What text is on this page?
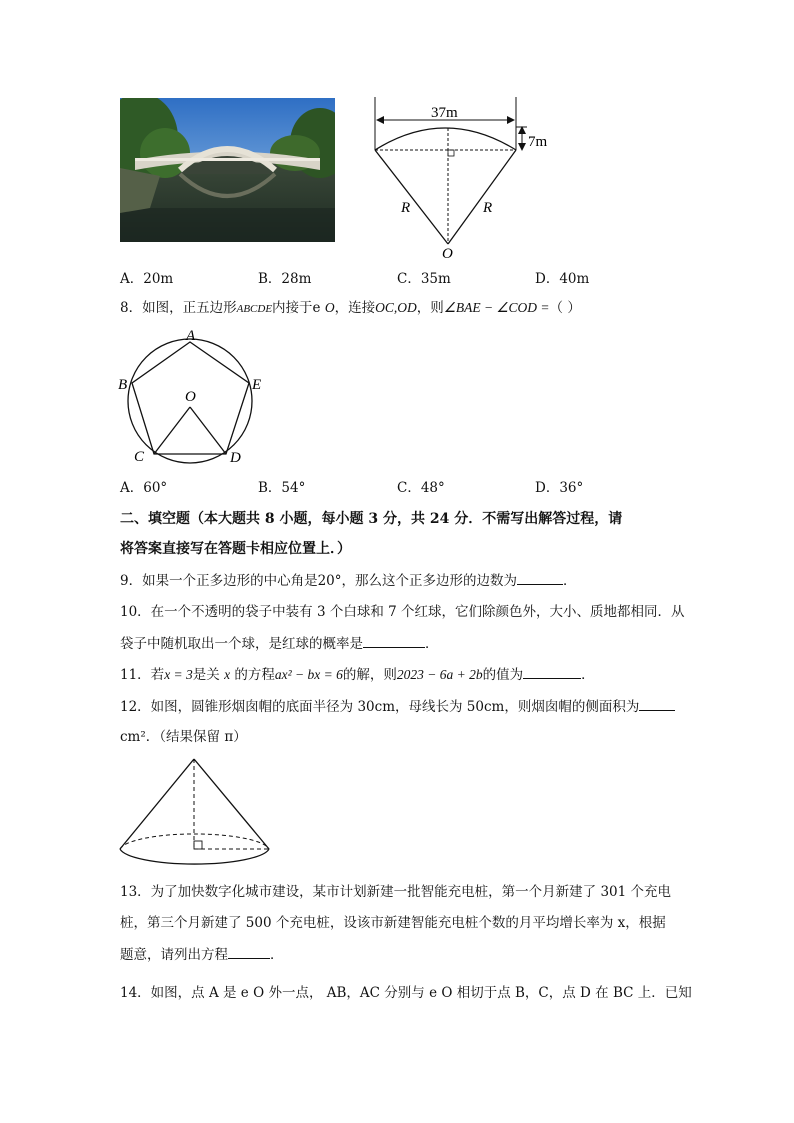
37m
7m
R	R
O
A．20m	B．28m	C．35m	D．40m
8．如图，正五边形ABCDE内接于e O，连接OC,OD，则∠BAE − ∠COD =（ ）
A
B	E
O
C	D
A．60°	B．54°	C．48°	D．36°
二、填空题（本大题共 8 小题，每小题 3 分，共 24 分．不需写出解答过程，请
将答案直接写在答题卡相应位置上．）
9．如果一个正多边形的中心角是20°，那么这个正多边形的边数为	．
10．在一个不透明的袋子中装有 3 个白球和 7 个红球，它们除颜色外，大小、质地都相同．从
袋子中随机取出一个球，是红球的概率是	．
11．若x = 3是关 x 的方程ax² − bx = 6的解，则2023 − 6a + 2b的值为	．
12．如图，圆锥形烟囱帽的底面半径为 30cm，母线长为 50cm，则烟囱帽的侧面积为
cm²．（结果保留 π）
13．为了加快数字化城市建设，某市计划新建一批智能充电桩，第一个月新建了 301 个充电
桩，第三个月新建了 500 个充电桩，设该市新建智能充电桩个数的月平均增长率为 x，根据
题意，请列出方程	．
14．如图，点 A 是 e O 外一点， AB，AC 分别与 e O 相切于点 B，C，点 D 在 BC 上．已知
